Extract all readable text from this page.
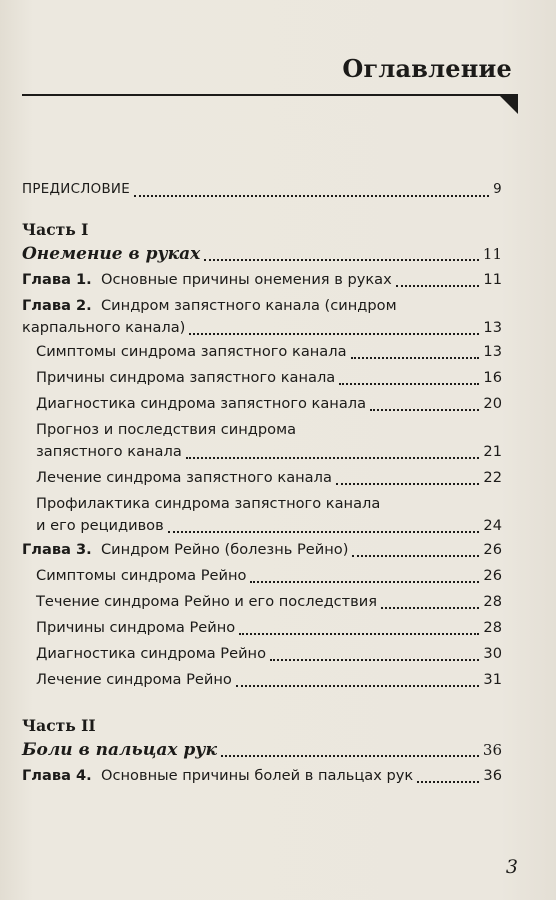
Оглавление
ПРЕДИСЛОВИЕ	9
Часть I
Онемение в руках	11
Глава 1. Основные причины онемения в руках	11
Глава 2. Синдром запястного канала (синдром
карпального канала)	13
Симптомы синдрома запястного канала	13
Причины синдрома запястного канала	16
Диагностика синдрома запястного канала	20
Прогноз и последствия синдрома
запястного канала	21
Лечение синдрома запястного канала	22
Профилактика синдрома запястного канала
и его рецидивов	24
Глава 3. Синдром Рейно (болезнь Рейно)	26
Симптомы синдрома Рейно	26
Течение синдрома Рейно и его последствия	28
Причины синдрома Рейно	28
Диагностика синдрома Рейно	30
Лечение синдрома Рейно	31
Часть II
Боли в пальцах рук	36
Глава 4. Основные причины болей в пальцах рук	36
3
